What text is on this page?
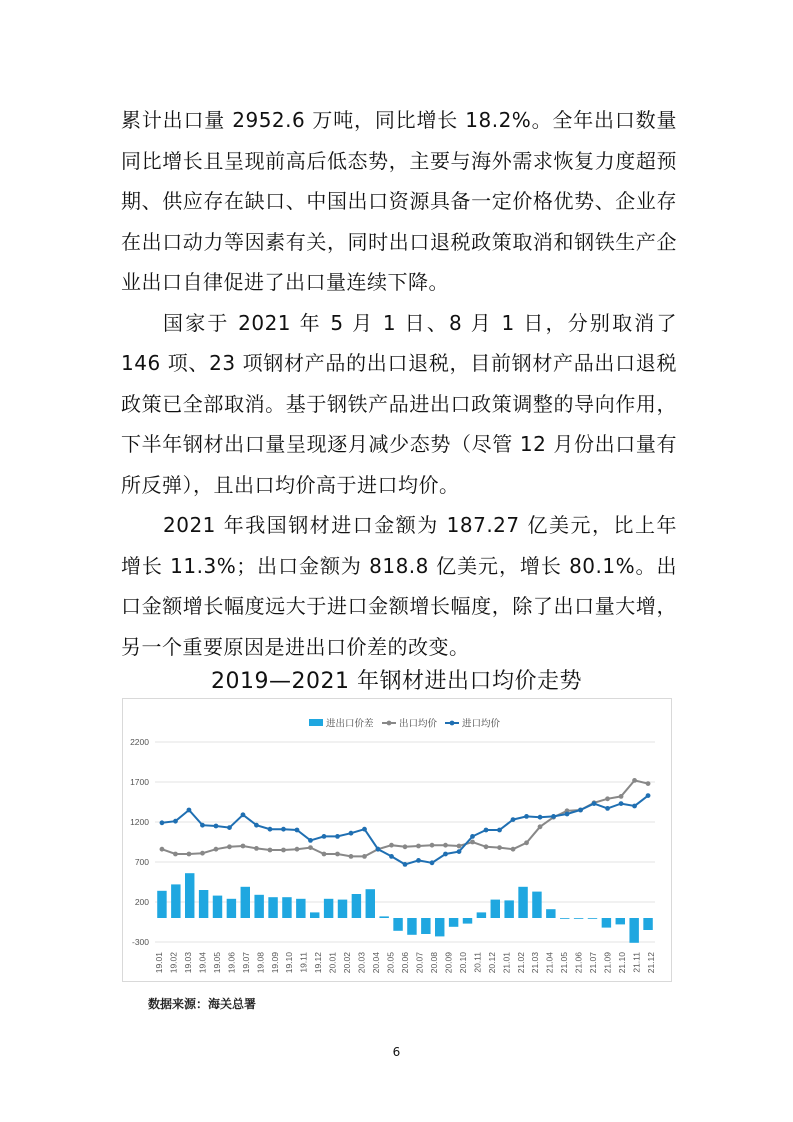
累计出口量 2952.6 万吨，同比增长 18.2%。全年出口数量同比增长且呈现前高后低态势，主要与海外需求恢复力度超预期、供应存在缺口、中国出口资源具备一定价格优势、企业存在出口动力等因素有关，同时出口退税政策取消和钢铁生产企业出口自律促进了出口量连续下降。

国家于 2021 年 5 月 1 日、8 月 1 日，分别取消了 146 项、23 项钢材产品的出口退税，目前钢材产品出口退税政策已全部取消。基于钢铁产品进出口政策调整的导向作用，下半年钢材出口量呈现逐月减少态势（尽管 12 月份出口量有所反弹），且出口均价高于进口均价。

2021 年我国钢材进口金额为 187.27 亿美元，比上年增长 11.3%；出口金额为 818.8 亿美元，增长 80.1%。出口金额增长幅度远大于进口金额增长幅度，除了出口量大增，另一个重要原因是进出口价差的改变。

2019—2021 年钢材进出口均价走势
-300
200
700
1200
1700
2200
19.01 19.02 19.03 19.04 19.05 19.06 19.07 19.08 19.09 19.10 19.11 19.12 20.01 20.02 20.03 20.04 20.05 20.06 20.07 20.08 20.09 20.10 20.11 20.12 21.01 21.02 21.03 21.04 21.05 21.06 21.07 21.09 21.10 21.11 21.12
进出口价差	出口均价	进口均价
数据来源：海关总署
6
